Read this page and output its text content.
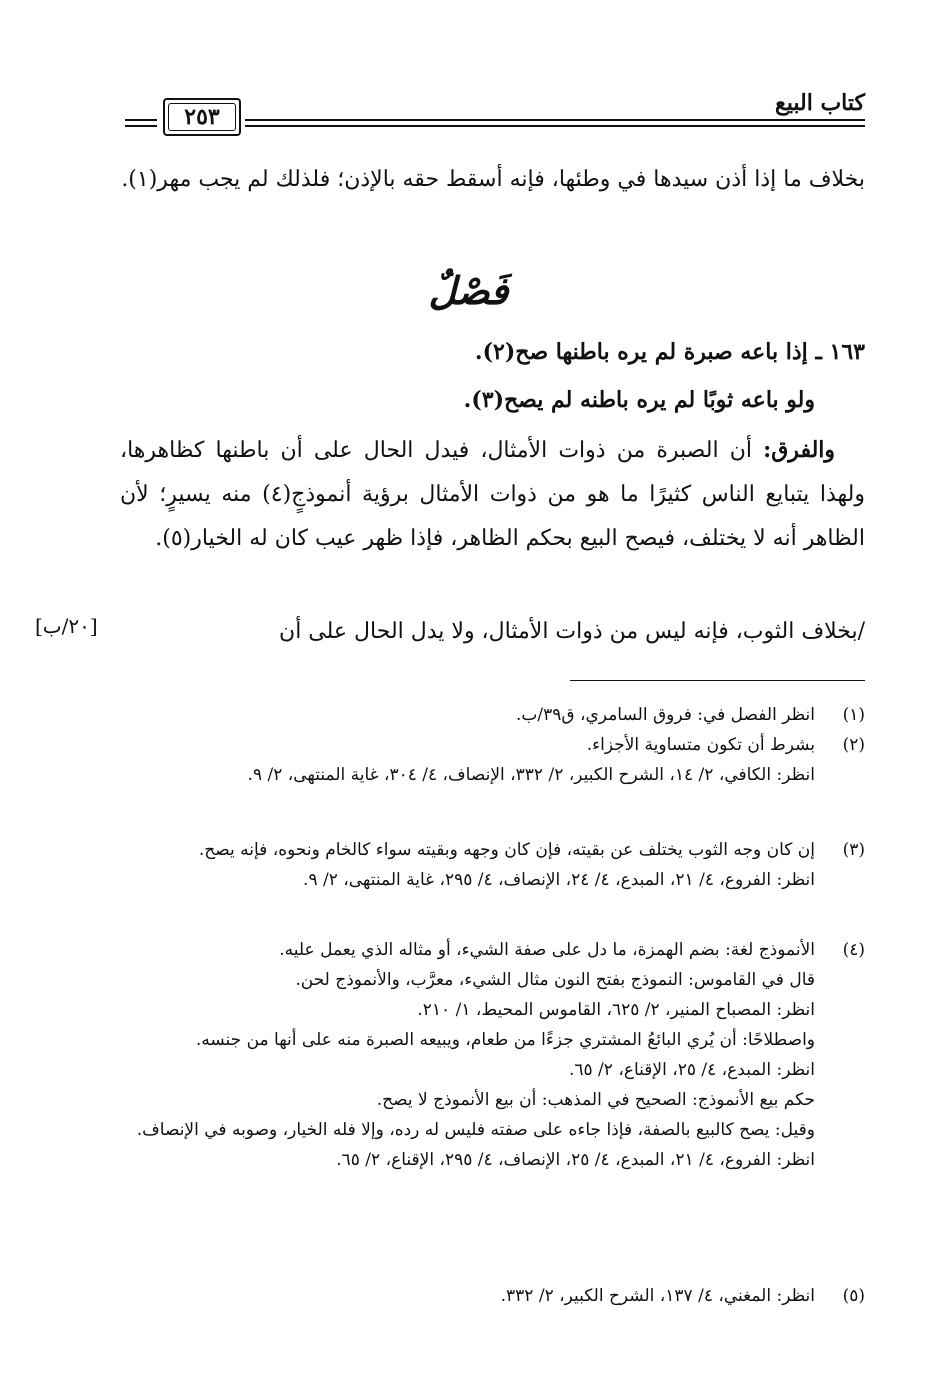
كتاب البيع
٢٥٣
بخلاف ما إذا أذن سيدها في وطئها، فإنه أسقط حقه بالإذن؛ فلذلك لم يجب مهر(١).
فَصْلٌ
١٦٣ ـ إذا باعه صبرة لم يره باطنها صح(٢).
ولو باعه ثوبًا لم يره باطنه لم يصح(٣).
والفرق: أن الصبرة من ذوات الأمثال، فيدل الحال على أن باطنها كظاهرها، ولهذا يتبايع الناس كثيرًا ما هو من ذوات الأمثال برؤية أنموذجٍ(٤) منه يسيرٍ؛ لأن الظاهر أنه لا يختلف، فيصح البيع بحكم الظاهر، فإذا ظهر عيب كان له الخيار(٥).
/بخلاف الثوب، فإنه ليس من ذوات الأمثال، ولا يدل الحال على أن
[٢٠/ب]
(١)
انظر الفصل في: فروق السامري، ق٣٩/ب.
(٢)
بشرط أن تكون متساوية الأجزاء.
انظر: الكافي، ٢/ ١٤، الشرح الكبير، ٢/ ٣٣٢، الإنصاف، ٤/ ٣٠٤، غاية المنتهى، ٢/ ٩.
(٣)
إن كان وجه الثوب يختلف عن بقيته، فإن كان وجهه وبقيته سواء كالخام ونحوه، فإنه يصح.
انظر: الفروع، ٤/ ٢١، المبدع، ٤/ ٢٤، الإنصاف، ٤/ ٢٩٥، غاية المنتهى، ٢/ ٩.
(٤)
الأنموذج لغة: بضم الهمزة، ما دل على صفة الشيء، أو مثاله الذي يعمل عليه.
قال في القاموس: النموذج بفتح النون مثال الشيء، معرَّب، والأنموذج لحن.
انظر: المصباح المنير، ٢/ ٦٢٥، القاموس المحيط، ١/ ٢١٠.
واصطلاحًا: أن يُري البائعُ المشتري جزءًا من طعام، ويبيعه الصبرة منه على أنها من جنسه.
انظر: المبدع، ٤/ ٢٥، الإقناع، ٢/ ٦٥.
حكم بيع الأنموذج: الصحيح في المذهب: أن بيع الأنموذج لا يصح.
وقيل: يصح كالبيع بالصفة، فإذا جاءه على صفته فليس له رده، وإلا فله الخيار، وصوبه في الإنصاف.
انظر: الفروع، ٤/ ٢١، المبدع، ٤/ ٢٥، الإنصاف، ٤/ ٢٩٥، الإقناع، ٢/ ٦٥.
(٥)
انظر: المغني، ٤/ ١٣٧، الشرح الكبير، ٢/ ٣٣٢.
